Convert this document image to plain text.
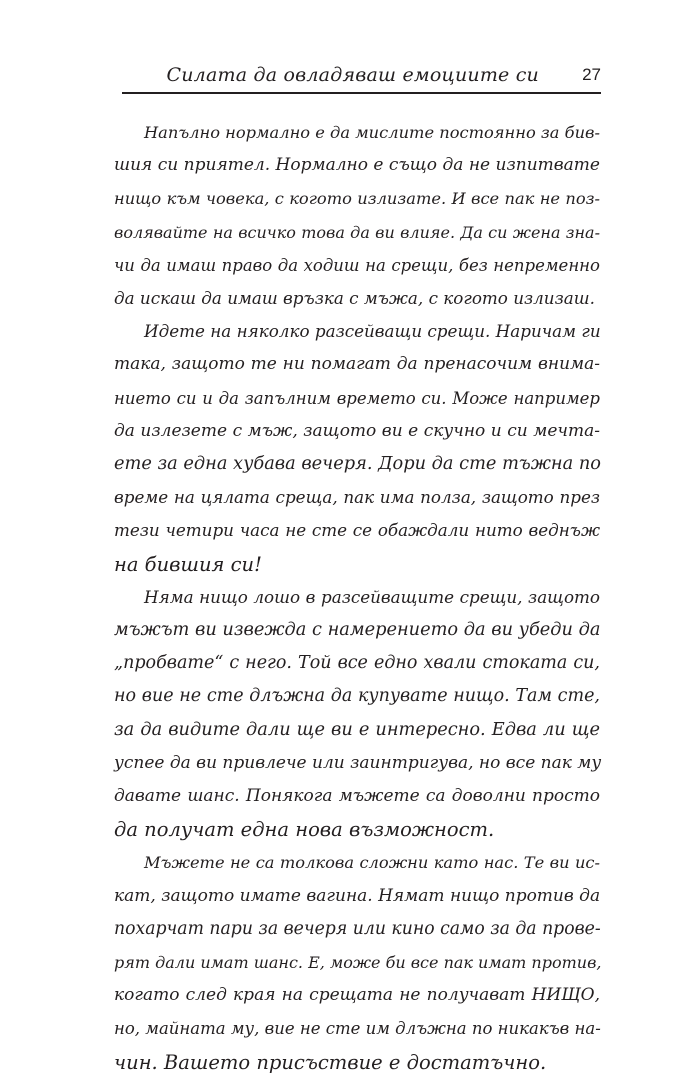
Силата да овладяваш емоциите си	27
Напълно нормално е да мислите постоянно за бив-
шия си приятел. Нормално е също да не изпитвате
нищо към човека, с когото излизате. И все пак не поз-
волявайте на всичко това да ви влияе. Да си жена зна-
чи да имаш право да ходиш на срещи, без непременно
да искаш да имаш връзка с мъжа, с когото излизаш.
Идете на няколко разсейващи срещи. Наричам ги
така, защото те ни помагат да пренасочим внима-
нието си и да запълним времето си. Може например
да излезете с мъж, защото ви е скучно и си мечта-
ете за една хубава вечеря. Дори да сте тъжна по
време на цялата среща, пак има полза, защото през
тези четири часа не сте се обаждали нито веднъж
на бившия си!
Няма нищо лошо в разсейващите срещи, защото
мъжът ви извежда с намерението да ви убеди да
„пробвате“ с него. Той все едно хвали стоката си,
но вие не сте длъжна да купувате нищо. Там сте,
за да видите дали ще ви е интересно. Едва ли ще
успее да ви привлече или заинтригува, но все пак му
давате шанс. Понякога мъжете са доволни просто
да получат една нова възможност.
Мъжете не са толкова сложни като нас. Те ви ис-
кат, защото имате вагина. Нямат нищо против да
похарчат пари за вечеря или кино само за да прове-
рят дали имат шанс. Е, може би все пак имат против,
когато след края на срещата не получават НИЩО,
но, майната му, вие не сте им длъжна по никакъв на-
чин. Вашето присъствие е достатъчно.
